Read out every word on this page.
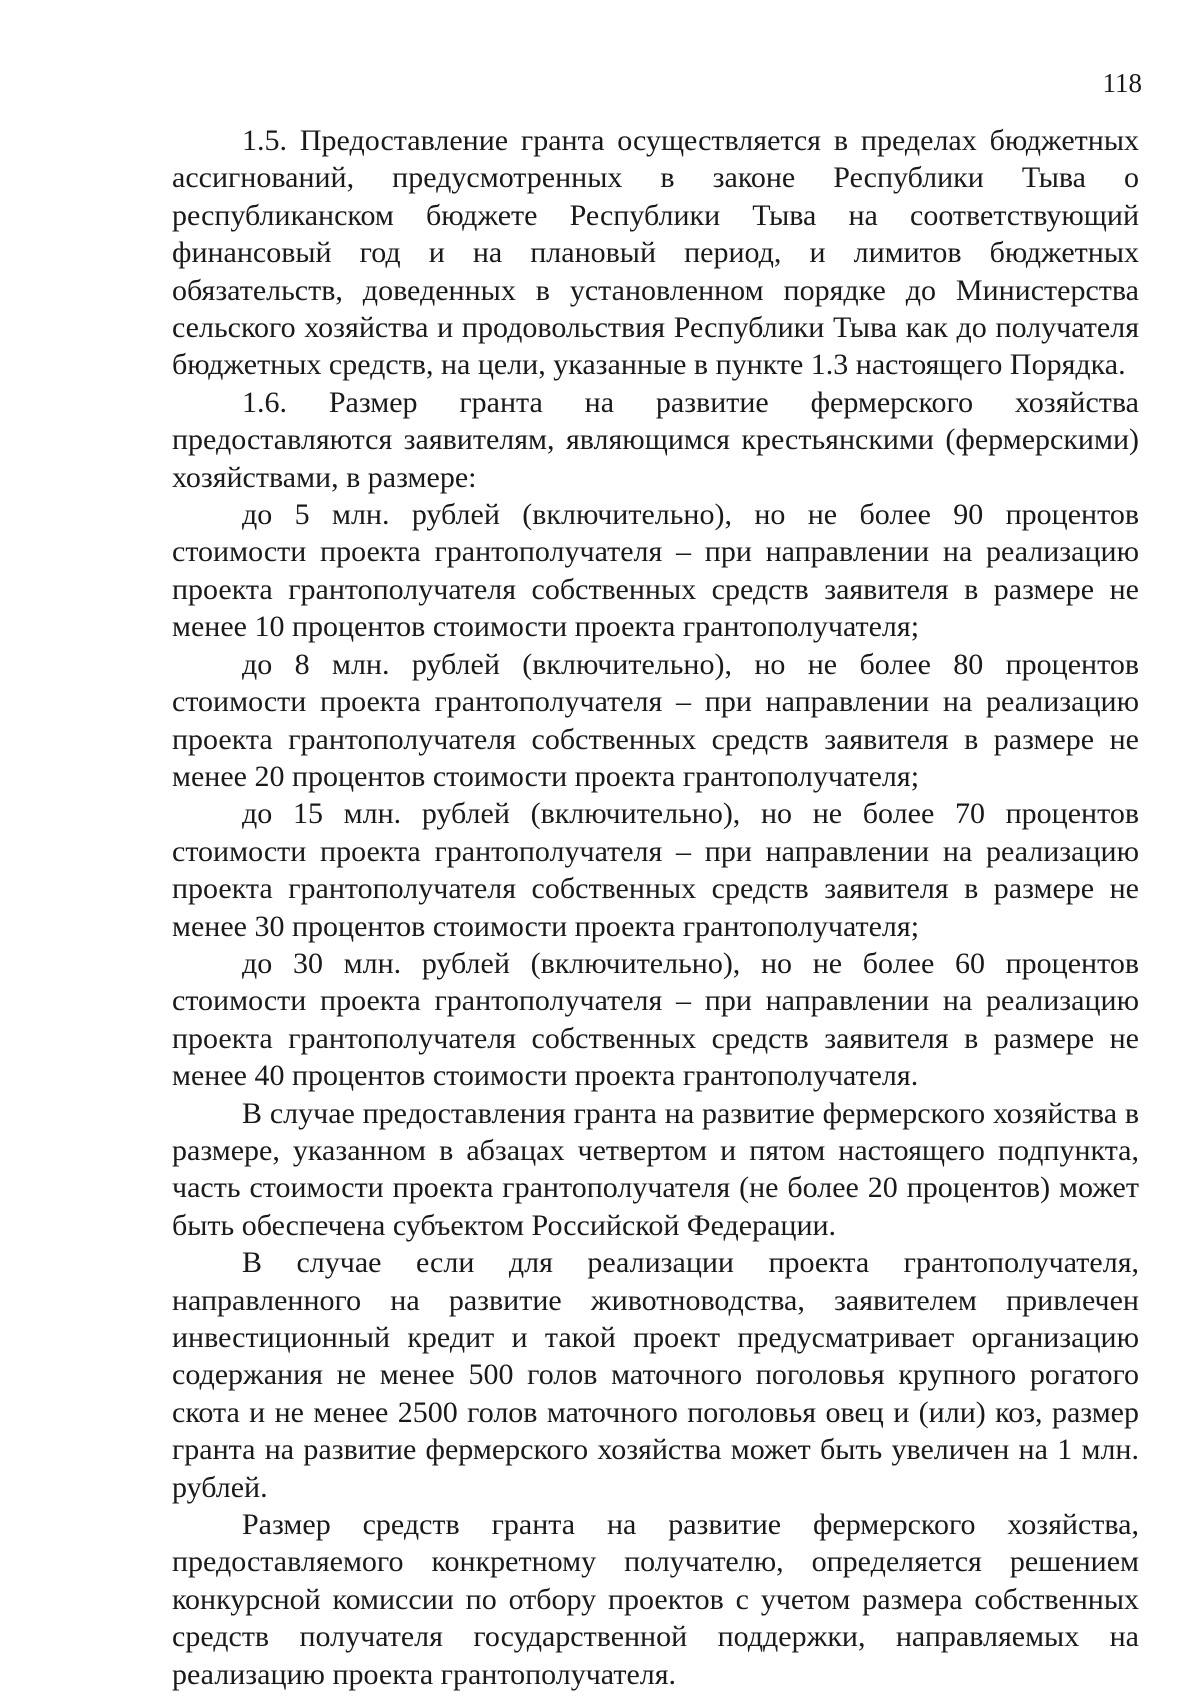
118

1.5. Предоставление гранта осуществляется в пределах бюджетных ассигнований, предусмотренных в законе Республики Тыва о республиканском бюджете Республики Тыва на соответствующий финансовый год и на плановый период, и лимитов бюджетных обязательств, доведенных в установленном порядке до Министерства сельского хозяйства и продовольствия Республики Тыва как до получателя бюджетных средств, на цели, указанные в пункте 1.3 настоящего Порядка.

1.6. Размер гранта на развитие фермерского хозяйства предоставляются заявителям, являющимся крестьянскими (фермерскими) хозяйствами, в размере:

до 5 млн. рублей (включительно), но не более 90 процентов стоимости проекта грантополучателя – при направлении на реализацию проекта грантополучателя собственных средств заявителя в размере не менее 10 процентов стоимости проекта грантополучателя;

до 8 млн. рублей (включительно), но не более 80 процентов стоимости проекта грантополучателя – при направлении на реализацию проекта грантополучателя собственных средств заявителя в размере не менее 20 процентов стоимости проекта грантополучателя;

до 15 млн. рублей (включительно), но не более 70 процентов стоимости проекта грантополучателя – при направлении на реализацию проекта грантополучателя собственных средств заявителя в размере не менее 30 процентов стоимости проекта грантополучателя;

до 30 млн. рублей (включительно), но не более 60 процентов стоимости проекта грантополучателя – при направлении на реализацию проекта грантополучателя собственных средств заявителя в размере не менее 40 процентов стоимости проекта грантополучателя.

В случае предоставления гранта на развитие фермерского хозяйства в размере, указанном в абзацах четвертом и пятом настоящего подпункта, часть стоимости проекта грантополучателя (не более 20 процентов) может быть обеспечена субъектом Российской Федерации.

В случае если для реализации проекта грантополучателя, направленного на развитие животноводства, заявителем привлечен инвестиционный кредит и такой проект предусматривает организацию содержания не менее 500 голов маточного поголовья крупного рогатого скота и не менее 2500 голов маточного поголовья овец и (или) коз, размер гранта на развитие фермерского хозяйства может быть увеличен на 1 млн. рублей.

Размер средств гранта на развитие фермерского хозяйства, предоставляемого конкретному получателю, определяется решением конкурсной комиссии по отбору проектов с учетом размера собственных средств получателя государственной поддержки, направляемых на реализацию проекта грантополучателя.
